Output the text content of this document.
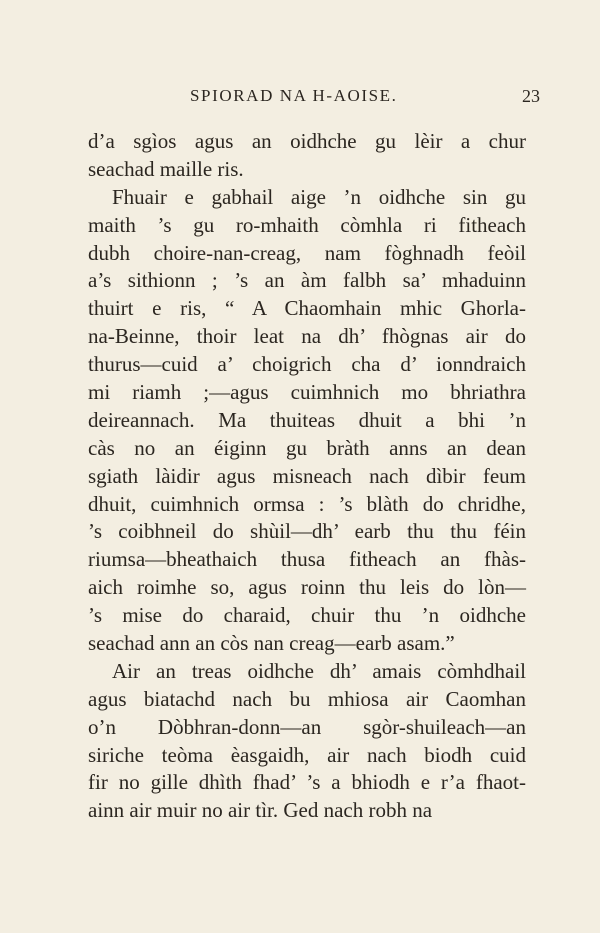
SPIORAD NA H-AOISE.	23
d’a sgìos agus an oidhche gu lèir a chur
seachad maille ris.
Fhuair e gabhail aige ’n oidhche sin gu
maith ’s gu ro-mhaith còmhla ri fitheach
dubh choire-nan-creag, nam fòghnadh feòil
a’s sithionn ; ’s an àm falbh sa’ mhaduinn
thuirt e ris, “ A Chaomhain mhic Ghorla-
na-Beinne, thoir leat na dh’ fhògnas air do
thurus—cuid a’ choigrich cha d’ ionndraich
mi riamh ;—agus cuimhnich mo bhriathra
deireannach. Ma thuiteas dhuit a bhi ’n
càs no an éiginn gu bràth anns an dean
sgiath làidir agus misneach nach dìbir feum
dhuit, cuimhnich ormsa : ’s blàth do chridhe,
’s coibhneil do shùil—dh’ earb thu thu féin
riumsa—bheathaich thusa fitheach an fhàs-
aich roimhe so, agus roinn thu leis do lòn—
’s mise do charaid, chuir thu ’n oidhche
seachad ann an còs nan creag—earb asam.”
Air an treas oidhche dh’ amais còmhdhail
agus biatachd nach bu mhiosa air Caomhan
o’n Dòbhran-donn—an sgòr-shuileach—an
siriche teòma èasgaidh, air nach biodh cuid
fir no gille dhìth fhad’ ’s a bhiodh e r’a fhaot-
ainn air muir no air tìr. Ged nach robh na
